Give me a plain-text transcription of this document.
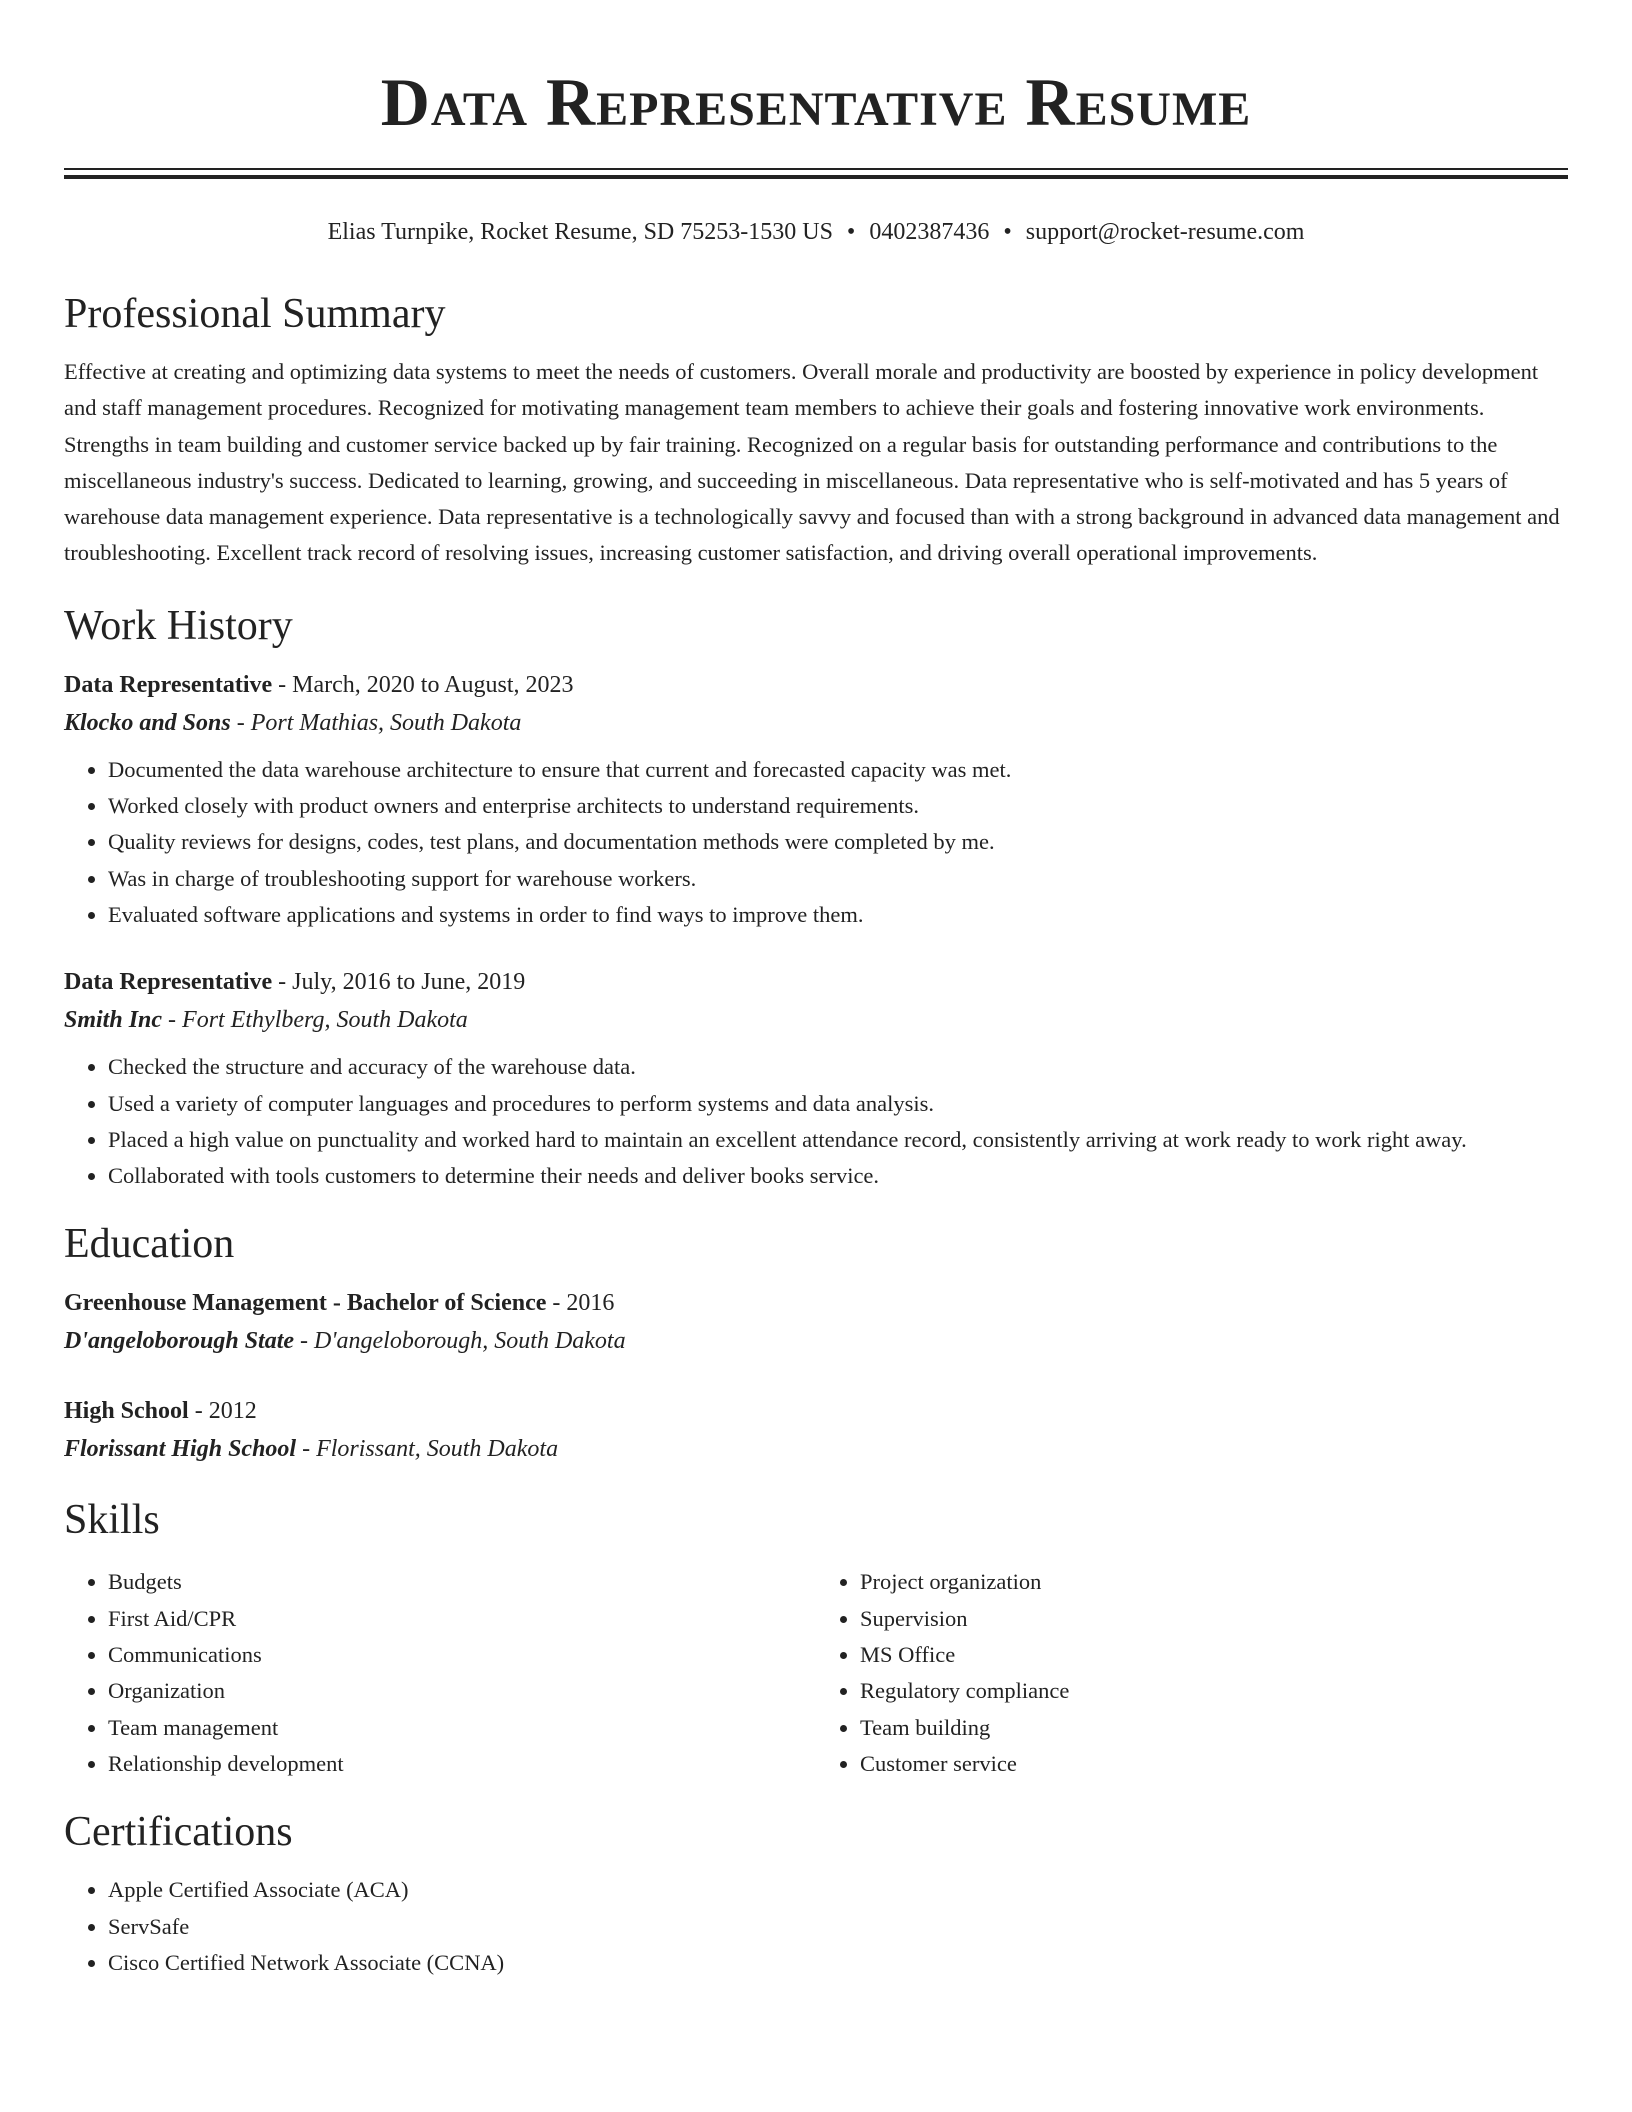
Data Representative Resume
Elias Turnpike, Rocket Resume, SD 75253-1530 US • 0402387436 • support@rocket-resume.com
Professional Summary

Effective at creating and optimizing data systems to meet the needs of customers. Overall morale and productivity are boosted by experience in policy development and staff management procedures. Recognized for motivating management team members to achieve their goals and fostering innovative work environments. Strengths in team building and customer service backed up by fair training. Recognized on a regular basis for outstanding performance and contributions to the miscellaneous industry's success. Dedicated to learning, growing, and succeeding in miscellaneous. Data representative who is self-motivated and has 5 years of warehouse data management experience. Data representative is a technologically savvy and focused than with a strong background in advanced data management and troubleshooting. Excellent track record of resolving issues, increasing customer satisfaction, and driving overall operational improvements.

Work History
Data Representative - March, 2020 to August, 2023
Klocko and Sons - Port Mathias, South Dakota
• Documented the data warehouse architecture to ensure that current and forecasted capacity was met.
• Worked closely with product owners and enterprise architects to understand requirements.
• Quality reviews for designs, codes, test plans, and documentation methods were completed by me.
• Was in charge of troubleshooting support for warehouse workers.
• Evaluated software applications and systems in order to find ways to improve them.
Data Representative - July, 2016 to June, 2019
Smith Inc - Fort Ethylberg, South Dakota
• Checked the structure and accuracy of the warehouse data.
• Used a variety of computer languages and procedures to perform systems and data analysis.
• Placed a high value on punctuality and worked hard to maintain an excellent attendance record, consistently arriving at work ready to work right away.
• Collaborated with tools customers to determine their needs and deliver books service.
Education
Greenhouse Management - Bachelor of Science - 2016
D'angeloborough State - D'angeloborough, South Dakota
High School - 2012
Florissant High School - Florissant, South Dakota
Skills
• Budgets
• First Aid/CPR
• Communications
• Organization
• Team management
• Relationship development
• Project organization
• Supervision
• MS Office
• Regulatory compliance
• Team building
• Customer service
Certifications
• Apple Certified Associate (ACA)
• ServSafe
• Cisco Certified Network Associate (CCNA)
